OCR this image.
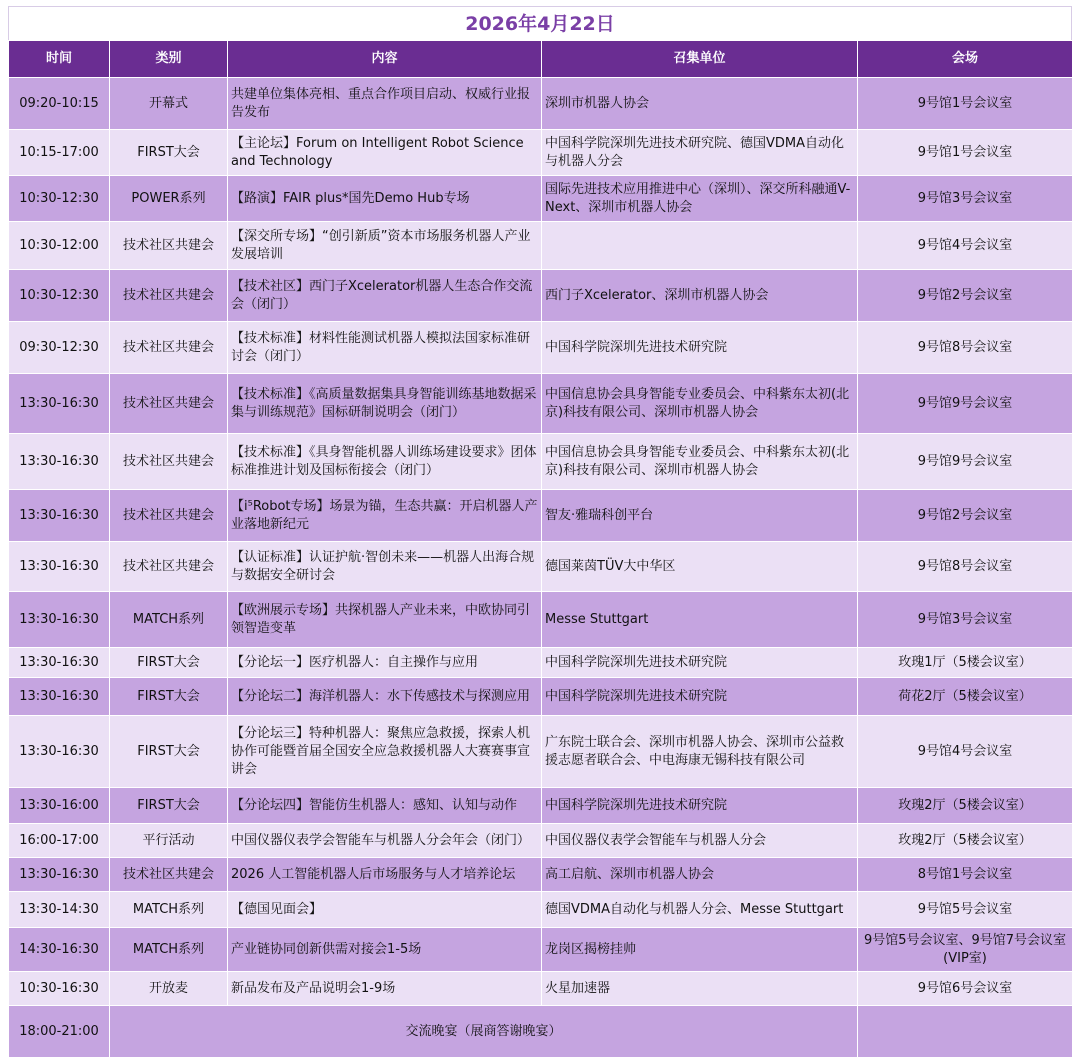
2026年4月22日
时间	类别	内容	召集单位	会场
09:20-10:15	开幕式	共建单位集体亮相、重点合作项目启动、权威行业报告发布	深圳市机器人协会	9号馆1号会议室
10:15-17:00	FIRST大会	【主论坛】Forum on Intelligent Robot Science and Technology	中国科学院深圳先进技术研究院、德国VDMA自动化与机器人分会	9号馆1号会议室
10:30-12:30	POWER系列	【路演】FAIR plus*国先Demo Hub专场	国际先进技术应用推进中心（深圳）、深交所科融通V-Next、深圳市机器人协会	9号馆3号会议室
10:30-12:00	技术社区共建会	【深交所专场】“创引新质”资本市场服务机器人产业发展培训		9号馆4号会议室
10:30-12:30	技术社区共建会	【技术社区】西门子Xcelerator机器人生态合作交流会（闭门）	西门子Xcelerator、深圳市机器人协会	9号馆2号会议室
09:30-12:30	技术社区共建会	【技术标准】材料性能测试机器人模拟法国家标准研讨会（闭门）	中国科学院深圳先进技术研究院	9号馆8号会议室
13:30-16:30	技术社区共建会	【技术标准】《高质量数据集具身智能训练基地数据采集与训练规范》国标研制说明会（闭门）	中国信息协会具身智能专业委员会、中科紫东太初(北京)科技有限公司、深圳市机器人协会	9号馆9号会议室
13:30-16:30	技术社区共建会	【技术标准】《具身智能机器人训练场建设要求》团体标准推进计划及国标衔接会（闭门）	中国信息协会具身智能专业委员会、中科紫东太初(北京)科技有限公司、深圳市机器人协会	9号馆9号会议室
13:30-16:30	技术社区共建会	【i⁵Robot专场】场景为锚，生态共赢：开启机器人产业落地新纪元	智友·雅瑞科创平台	9号馆2号会议室
13:30-16:30	技术社区共建会	【认证标准】认证护航·智创未来——机器人出海合规与数据安全研讨会	德国莱茵TÜV大中华区	9号馆8号会议室
13:30-16:30	MATCH系列	【欧洲展示专场】共探机器人产业未来，中欧协同引领智造变革	Messe Stuttgart	9号馆3号会议室
13:30-16:30	FIRST大会	【分论坛一】医疗机器人：自主操作与应用	中国科学院深圳先进技术研究院	玫瑰1厅（5楼会议室）
13:30-16:30	FIRST大会	【分论坛二】海洋机器人：水下传感技术与探测应用	中国科学院深圳先进技术研究院	荷花2厅（5楼会议室）
13:30-16:30	FIRST大会	【分论坛三】特种机器人：聚焦应急救援，探索人机协作可能暨首届全国安全应急救援机器人大赛赛事宣讲会	广东院士联合会、深圳市机器人协会、深圳市公益救援志愿者联合会、中电海康无锡科技有限公司	9号馆4号会议室
13:30-16:00	FIRST大会	【分论坛四】智能仿生机器人：感知、认知与动作	中国科学院深圳先进技术研究院	玫瑰2厅（5楼会议室）
16:00-17:00	平行活动	中国仪器仪表学会智能车与机器人分会年会（闭门）	中国仪器仪表学会智能车与机器人分会	玫瑰2厅（5楼会议室）
13:30-16:30	技术社区共建会	2026 人工智能机器人后市场服务与人才培养论坛	高工启航、深圳市机器人协会	8号馆1号会议室
13:30-14:30	MATCH系列	【德国见面会】	德国VDMA自动化与机器人分会、Messe Stuttgart	9号馆5号会议室
14:30-16:30	MATCH系列	产业链协同创新供需对接会1-5场	龙岗区揭榜挂帅	9号馆5号会议室、9号馆7号会议室(VIP室)
10:30-16:30	开放麦	新品发布及产品说明会1-9场	火星加速器	9号馆6号会议室
18:00-21:00	交流晚宴（展商答谢晚宴）			
